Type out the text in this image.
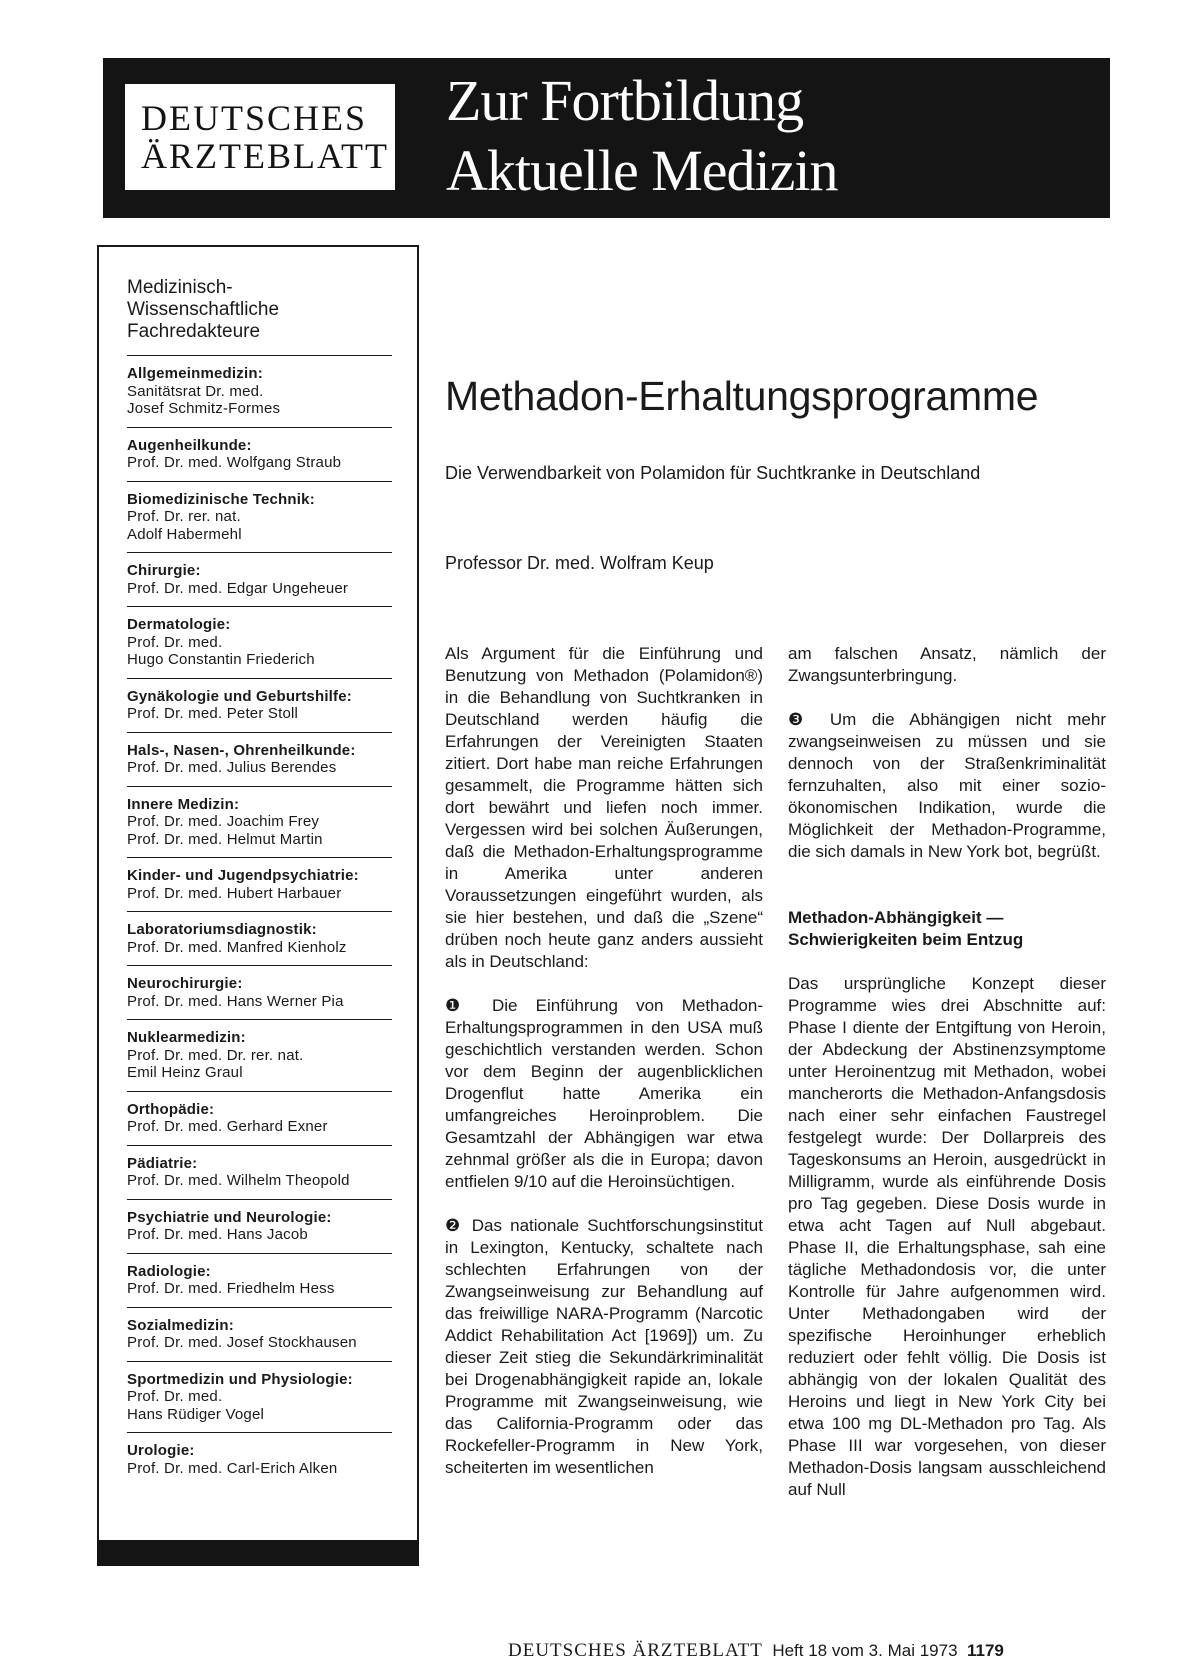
DEUTSCHES
ÄRZTEBLATT
Zur Fortbildung
Aktuelle Medizin
Medizinisch-
Wissenschaftliche
Fachredakteure
Allgemeinmedizin:
Sanitätsrat Dr. med.
Josef Schmitz-Formes
Augenheilkunde:
Prof. Dr. med. Wolfgang Straub
Biomedizinische Technik:
Prof. Dr. rer. nat.
Adolf Habermehl
Chirurgie:
Prof. Dr. med. Edgar Ungeheuer
Dermatologie:
Prof. Dr. med.
Hugo Constantin Friederich
Gynäkologie und Geburtshilfe:
Prof. Dr. med. Peter Stoll
Hals-, Nasen-, Ohrenheilkunde:
Prof. Dr. med. Julius Berendes
Innere Medizin:
Prof. Dr. med. Joachim Frey
Prof. Dr. med. Helmut Martin
Kinder- und Jugendpsychiatrie:
Prof. Dr. med. Hubert Harbauer
Laboratoriumsdiagnostik:
Prof. Dr. med. Manfred Kienholz
Neurochirurgie:
Prof. Dr. med. Hans Werner Pia
Nuklearmedizin:
Prof. Dr. med. Dr. rer. nat.
Emil Heinz Graul
Orthopädie:
Prof. Dr. med. Gerhard Exner
Pädiatrie:
Prof. Dr. med. Wilhelm Theopold
Psychiatrie und Neurologie:
Prof. Dr. med. Hans Jacob
Radiologie:
Prof. Dr. med. Friedhelm Hess
Sozialmedizin:
Prof. Dr. med. Josef Stockhausen
Sportmedizin und Physiologie:
Prof. Dr. med.
Hans Rüdiger Vogel
Urologie:
Prof. Dr. med. Carl-Erich Alken
Methadon-Erhaltungsprogramme
Die Verwendbarkeit von Polamidon für Suchtkranke in Deutschland
Professor Dr. med. Wolfram Keup

Als Argument für die Einführung und Benutzung von Methadon (Polamidon®) in die Behandlung von Suchtkranken in Deutschland werden häufig die Erfahrungen der Vereinigten Staaten zitiert. Dort habe man reiche Erfahrungen gesammelt, die Programme hätten sich dort bewährt und liefen noch immer. Vergessen wird bei solchen Äußerungen, daß die Methadon-Erhaltungsprogramme in Amerika unter anderen Voraussetzungen eingeführt wurden, als sie hier bestehen, und daß die „Szene“ drüben noch heute ganz anders aussieht als in Deutschland:

❶ Die Einführung von Methadon-Erhaltungsprogrammen in den USA muß geschichtlich verstanden werden. Schon vor dem Beginn der augenblicklichen Drogenflut hatte Amerika ein umfangreiches Heroinproblem. Die Gesamtzahl der Abhängigen war etwa zehnmal größer als die in Europa; davon entfielen 9/10 auf die Heroinsüchtigen.

❷ Das nationale Suchtforschungsinstitut in Lexington, Kentucky, schaltete nach schlechten Erfahrungen von der Zwangseinweisung zur Behandlung auf das freiwillige NARA-Programm (Narcotic Addict Rehabilitation Act [1969]) um. Zu dieser Zeit stieg die Sekundärkriminalität bei Drogenabhängigkeit rapide an, lokale Programme mit Zwangseinweisung, wie das California-Programm oder das Rockefeller-Programm in New York, scheiterten im wesentlichen

am falschen Ansatz, nämlich der Zwangsunterbringung.

❸ Um die Abhängigen nicht mehr zwangseinweisen zu müssen und sie dennoch von der Straßenkriminalität fernzuhalten, also mit einer sozio-ökonomischen Indikation, wurde die Möglichkeit der Methadon-Programme, die sich damals in New York bot, begrüßt.

Methadon-Abhängigkeit —
Schwierigkeiten beim Entzug

Das ursprüngliche Konzept dieser Programme wies drei Abschnitte auf: Phase I diente der Entgiftung von Heroin, der Abdeckung der Abstinenzsymptome unter Heroinentzug mit Methadon, wobei mancherorts die Methadon-Anfangsdosis nach einer sehr einfachen Faustregel festgelegt wurde: Der Dollarpreis des Tageskonsums an Heroin, ausgedrückt in Milligramm, wurde als einführende Dosis pro Tag gegeben. Diese Dosis wurde in etwa acht Tagen auf Null abgebaut. Phase II, die Erhaltungsphase, sah eine tägliche Methadondosis vor, die unter Kontrolle für Jahre aufgenommen wird. Unter Methadongaben wird der spezifische Heroinhunger erheblich reduziert oder fehlt völlig. Die Dosis ist abhängig von der lokalen Qualität des Heroins und liegt in New York City bei etwa 100 mg DL-Methadon pro Tag. Als Phase III war vorgesehen, von dieser Methadon-Dosis langsam ausschleichend auf Null

DEUTSCHES ÄRZTEBLATT Heft 18 vom 3. Mai 1973 1179
